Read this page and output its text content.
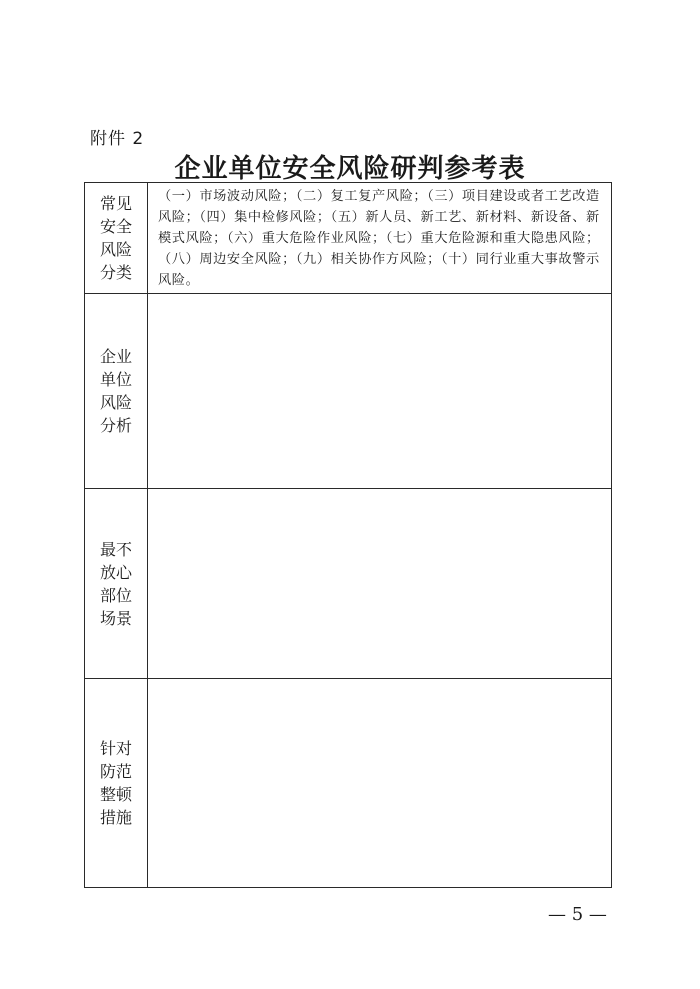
附件 2
企业单位安全风险研判参考表
常见安全风险分类	（一）市场波动风险；（二）复工复产风险；（三）项目建设或者工艺改造风险；（四）集中检修风险；（五）新人员、新工艺、新材料、新设备、新模式风险；（六）重大危险作业风险；（七）重大危险源和重大隐患风险；（八）周边安全风险；（九）相关协作方风险；（十）同行业重大事故警示风险。

企业单位风险分析	

最不放心部位场景	

针对防范整顿措施	
— 5 —
